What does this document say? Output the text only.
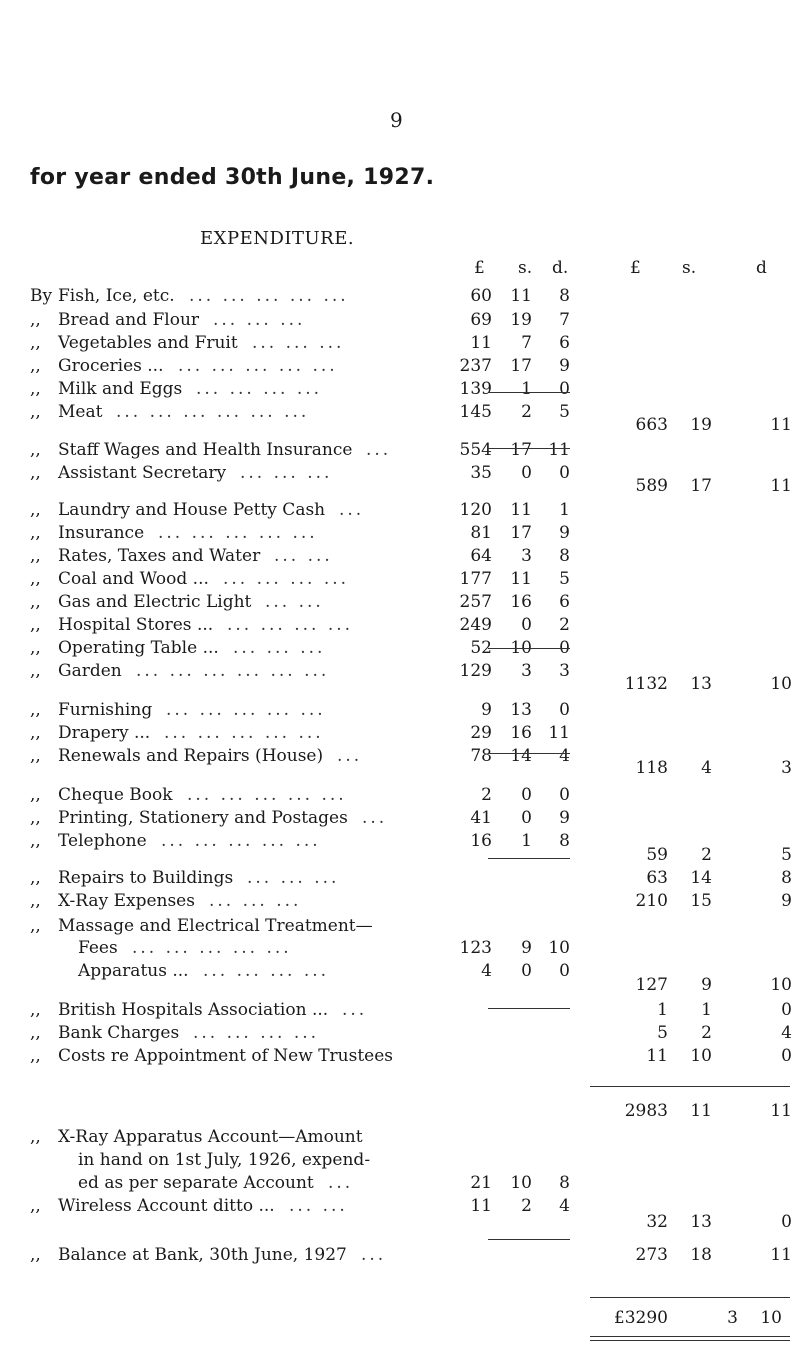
9
for year ended 30th June, 1927.
EXPENDITURE.
£ s. d.	£ s.	d
By Fish, Ice, etc. ... ... ... ... ...	60	11	8
,,	Bread and Flour ... ... ...	69	19	7
,,	Vegetables and Fruit ... ... ...	11	7	6
,,	Groceries ... ... ... ... ... ...	237	17	9
,,	Milk and Eggs ... ... ... ...	139	1	0
,,	Meat ... ... ... ... ... ...	145	2	5
663	19	11
,,	Staff Wages and Health Insurance ...	554	17 11
,,	Assistant Secretary ... ... ...	35	0	0
589	17	11
,,	Laundry and House Petty Cash ...	120	11	1
,,	Insurance ... ... ... ... ...	81	17	9
,,	Rates, Taxes and Water ... ...	64	3	8
,,	Coal and Wood ... ... ... ... ...	177	11	5
,,	Gas and Electric Light ... ...	257	16	6
,,	Hospital Stores ... ... ... ... ...	249	0	2
,,	Operating Table ... ... ... ...	52	10	0
,,	Garden ... ... ... ... ... ...	129	3	3
1132	13	10
,,	Furnishing ... ... ... ... ...	9	13	0
,,	Drapery ... ... ... ... ... ...	29	16 11
,,	Renewals and Repairs (House) ...	78	14	4
118	4	3
,,	Cheque Book ... ... ... ... ...	2	0	0
,,	Printing, Stationery and Postages ...	41	0	9
,,	Telephone ... ... ... ... ...	16	1	8
59	2	5
,,	Repairs to Buildings ... ... ...	63	14	8
,,	X-Ray Expenses ... ... ...	210	15	9
,,	Massage and Electrical Treatment—
Fees ... ... ... ... ...	123	9 10
Apparatus ... ... ... ... ...	4	0	0
127	9	10
,,	British Hospitals Association ... ...	1	1	0
,,	Bank Charges ... ... ... ...	5	2	4
,,	Costs re Appointment of New Trustees	11	10	0
2983	11	11
,,	X-Ray Apparatus Account—Amount
in hand on 1st July, 1926, expend-
ed as per separate Account ...	21	10	8
,,	Wireless Account ditto ... ... ...	11	2	4
32	13	0
,,	Balance at Bank, 30th June, 1927 ...	273	18	11
£3290	3	10
